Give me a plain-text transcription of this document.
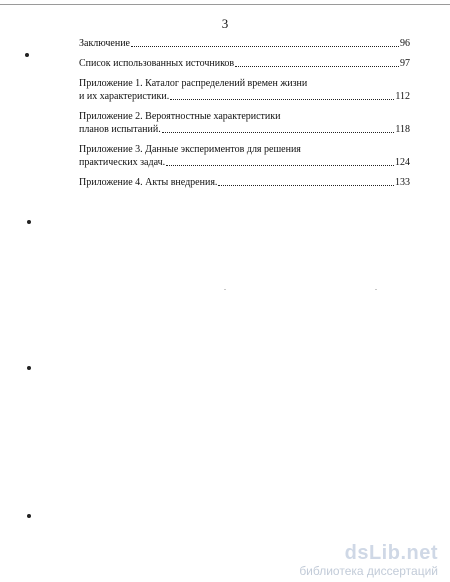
3
Заключение	96
Список использованных источников	97
Приложение 1. Каталог распределений времен жизни
и их характеристики.	112
Приложение 2. Вероятностные характеристики
планов испытаний.	118
Приложение 3. Данные экспериментов для решения
практических задач.	124
Приложение 4. Акты внедрения.	133
dsLib.net
библиотека диссертаций
